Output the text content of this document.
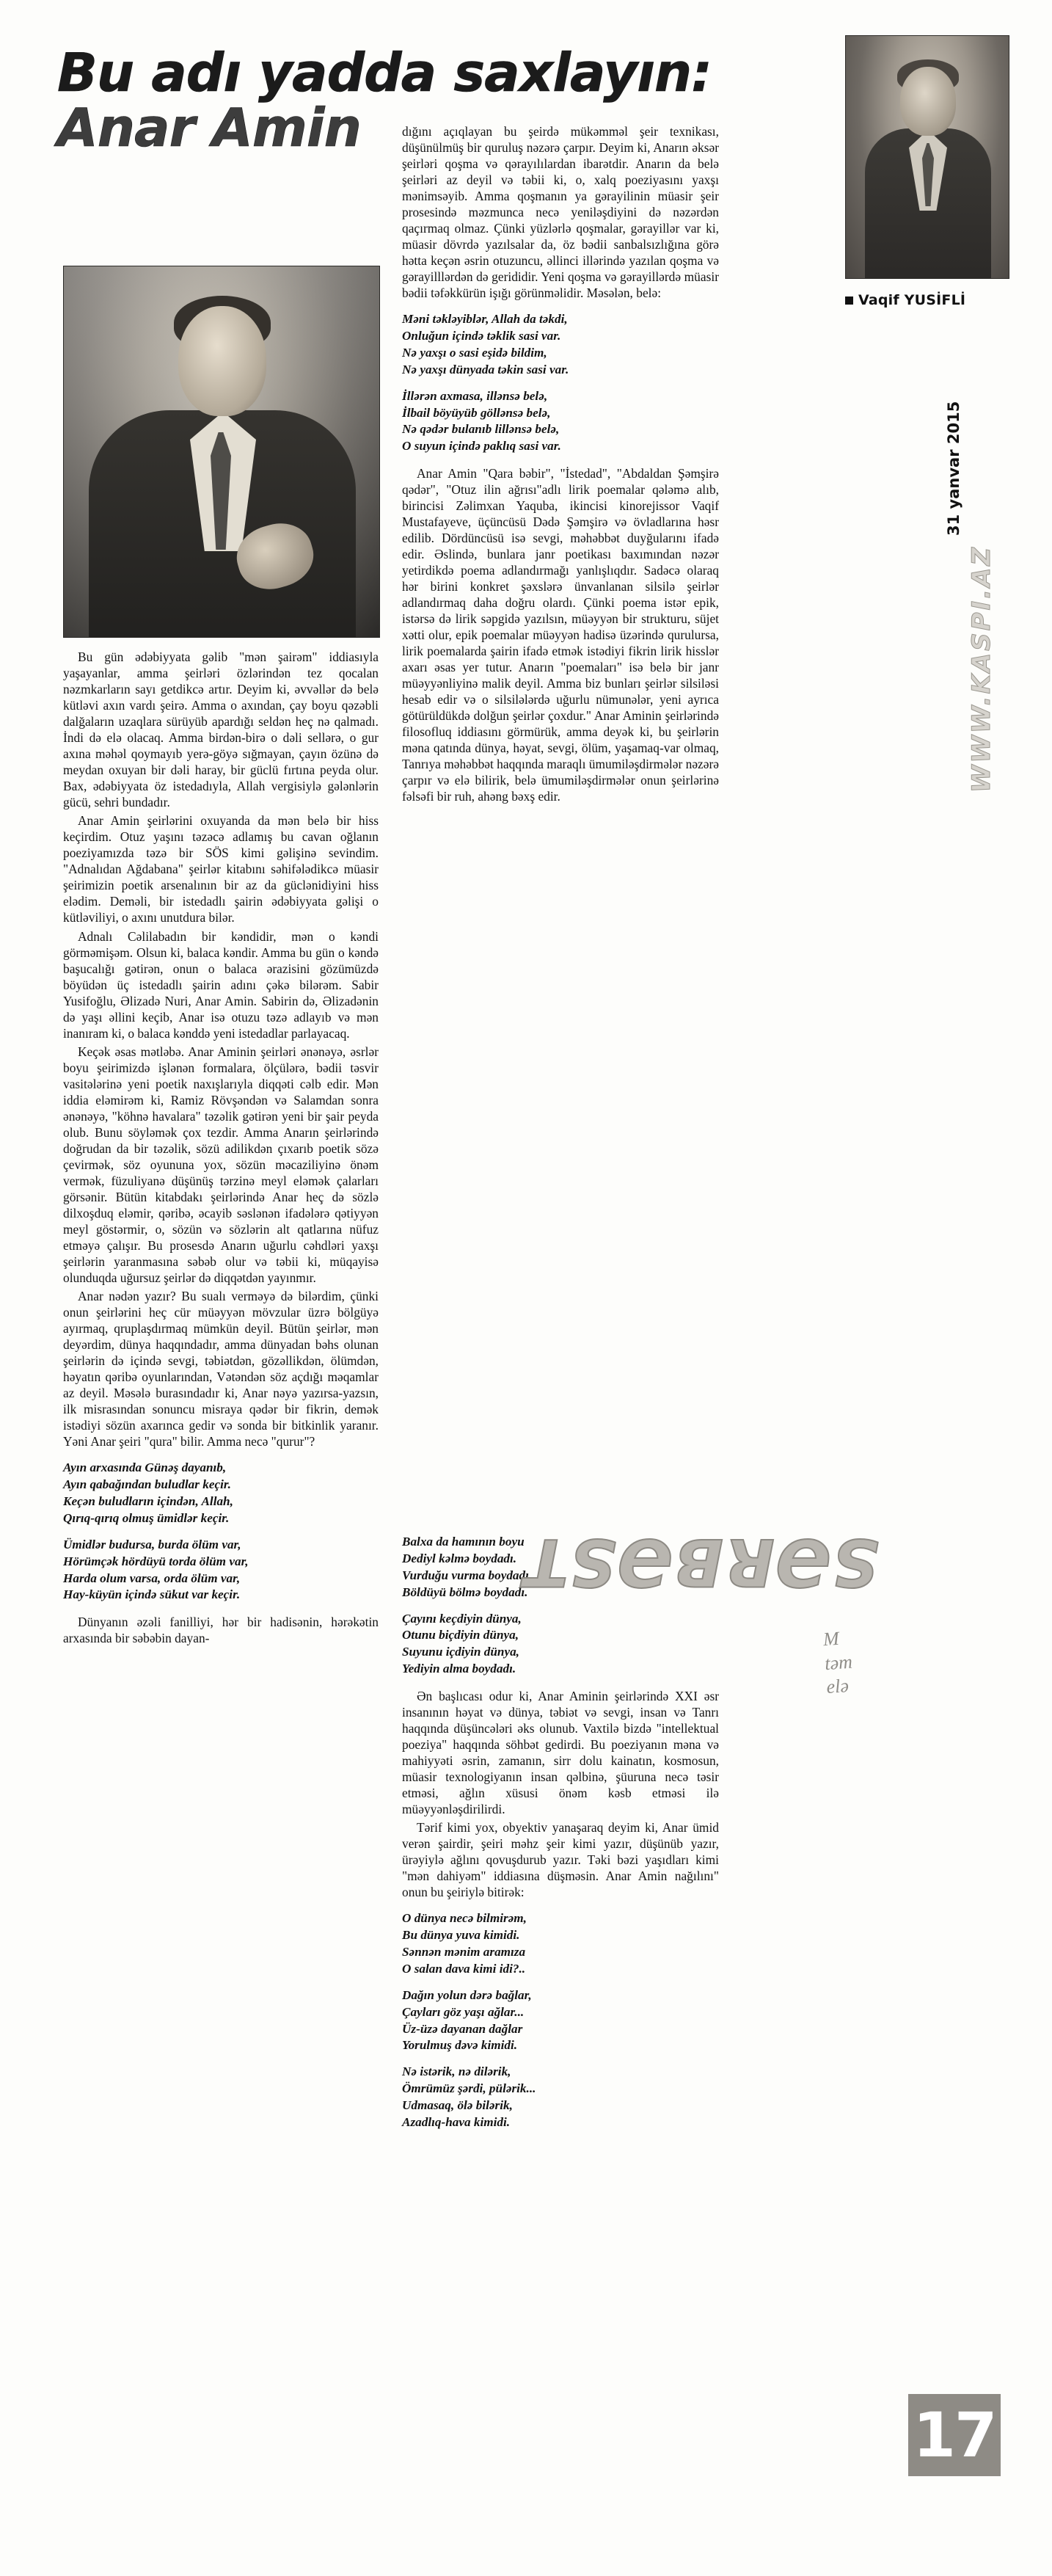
Bu adı yadda saxlayın:
Anar Amin
Vaqif YUSİFLİ

Bu gün ədəbiyyata gəlib "mən şairəm" iddiasıyla yaşayanlar, amma şeirləri özlərindən tez qocalan nəzmkarların sayı getdikcə artır. Deyim ki, əvvəllər də belə kütləvi axın vardı şeirə. Amma o axından, çay boyu qəzəbli dalğaların uzaqlara sürüyüb apardığı seldən heç nə qalmadı. İndi də elə olacaq. Amma birdən-birə o dəli sellərə, o gur axına məhəl qoymayıb yerə-göyə sığmayan, çayın özünə də meydan oxuyan bir dəli haray, bir güclü fırtına peyda olur. Bax, ədəbiyyata öz istedadıyla, Allah vergisiylə gələnlərin gücü, sehri bundadır.

Anar Amin şeirlərini oxuyanda da mən belə bir hiss keçirdim. Otuz yaşını təzəcə adlamış bu cavan oğlanın poeziyamızda təzə bir SÖS kimi gəlişinə sevindim. "Adnalıdan Ağdabana" şeirlər kitabını səhifələdikcə müasir şeirimizin poetik arsenalının bir az da güclənidiyini hiss elədim. Deməli, bir istedadlı şairin ədəbiyyata gəlişi o kütləviliyi, o axını unutdura bilər.

Adnalı Cəlilabadın bir kəndidir, mən o kəndi görməmişəm. Olsun ki, balaca kəndir. Amma bu gün o kəndə başucalığı gətirən, onun o balaca ərazisini gözümüzdə böyüdən üç istedadlı şairin adını çəkə bilərəm. Sabir Yusifoğlu, Əlizadə Nuri, Anar Amin. Sabirin də, Əlizadənin də yaşı əllini keçib, Anar isə otuzu təzə adlayıb və mən inanıram ki, o balaca kənddə yeni istedadlar parlayacaq.

Keçək əsas mətləbə. Anar Aminin şeirləri ənənəyə, əsrlər boyu şeirimizdə işlənən formalara, ölçülərə, bədii təsvir vasitələrinə yeni poetik naxışlarıyla diqqəti cəlb edir. Mən iddia eləmirəm ki, Ramiz Rövşəndən və Salamdan sonra ənənəyə, "köhnə havalara" təzəlik gətirən yeni bir şair peyda olub. Bunu söyləmək çox tezdir. Amma Anarın şeirlərində doğrudan da bir təzəlik, sözü adilikdən çıxarıb poetik sözə çevirmək, söz oyununa yox, sözün məcaziliyinə önəm vermək, füzuliyanə düşünüş tərzinə meyl eləmək çalarları görsənir. Bütün kitabdakı şeirlərində Anar heç də sözlə dilxoşduq eləmir, qəribə, əcayib səslənən ifadələrə qətiyyən meyl göstərmir, o, sözün və sözlərin alt qatlarına nüfuz etməyə çalışır. Bu prosesdə Anarın uğurlu cəhdləri yaxşı şeirlərin yaranmasına səbəb olur və təbii ki, müqayisə olunduqda uğursuz şeirlər də diqqətdən yayınmır.

Anar nədən yazır? Bu sualı verməyə də bilərdim, çünki onun şeirlərini heç cür müəyyən mövzular üzrə bölgüyə ayırmaq, qruplaşdırmaq mümkün deyil. Bütün şeirlər, mən deyərdim, dünya haqqındadır, amma dünyadan bəhs olunan şeirlərin də içində sevgi, təbiətdən, gözəllikdən, ölümdən, həyatın qəribə oyunlarından, Vətəndən söz açdığı məqamlar az deyil. Məsələ burasındadır ki, Anar nəyə yazırsa-yazsın, ilk misrasından sonuncu misraya qədər bir fikrin, demək istədiyi sözün axarınca gedir və sonda bir bitkinlik yaranır. Yəni Anar şeiri "qura" bilir. Amma necə "qurur"?

Ayın arxasında Günəş dayanıb,
Ayın qabağından buludlar keçir.
Keçən buludların içindən, Allah,
Qırıq-qırıq olmuş ümidlər keçir.
Ümidlər budursa, burda ölüm var,
Hörümçək hördüyü torda ölüm var,
Harda olum varsa, orda ölüm var,
Hay-küyün içində sükut var keçir.

Dünyanın əzəli fanilliyi, hər bir hadisənin, hərəkətin arxasında bir səbəbin dayan-

dığını açıqlayan bu şeirdə mükəmməl şeir texnikası, düşünülmüş bir quruluş nəzərə çarpır. Deyim ki, Anarın əksər şeirləri qoşma və qərayılılardan ibarətdir. Anarın da belə şeirləri az deyil və təbii ki, o, xalq poeziyasını yaxşı mənimsəyib. Amma qoşmanın ya gərayilinin müasir şeir prosesində məzmunca necə yeniləşdiyini də nəzərdən qaçırmaq olmaz. Çünki yüzlərlə qoşmalar, gərayillər var ki, müasir dövrdə yazılsalar da, öz bədii sanbalsızlığına görə hətta keçən əsrin otuzuncu, əllinci illərində yazılan qoşma və gərayilllərdən də gerididir. Yeni qoşma və gərayillərdə müasir bədii təfəkkürün işığı görünməlidir. Məsələn, belə:

Məni təkləyiblər, Allah da təkdi,
Onluğun içində təklik sasi var.
Nə yaxşı o sasi eşidə bildim,
Nə yaxşı dünyada təkin sasi var.
İllərən axmasa, illənsə belə,
İlbail böyüyüb göllənsə belə,
Nə qədər bulanıb lillənsə belə,
O suyun içində paklıq sasi var.

Anar Amin "Qara bəbir", "İstedad", "Abdaldan Şəmşirə qədər", "Otuz ilin ağrısı"adlı lirik poemalar qələmə alıb, birincisi Zəlimxan Yaquba, ikincisi kinorejissor Vaqif Mustafayeve, üçüncüsü Dədə Şəmşirə və övladlarına həsr edilib. Dördüncüsü isə sevgi, məhəbbət duyğularını ifadə edir. Əslində, bunlara janr poetikası baxımından nəzər yetirdikdə poema adlandırmağı yanlışlıqdır. Sadəcə olaraq hər birini konkret şəxslərə ünvanlanan silsilə şeirlər adlandırmaq daha doğru olardı. Çünki poema istər epik, istərsə də lirik səpgidə yazılsın, müəyyən bir strukturu, süjet xətti olur, epik poemalar müəyyən hadisə üzərində qurulursa, lirik poemalarda şairin ifadə etmək istədiyi fikrin lirik hisslər axarı əsas yer tutur. Anarın "poemaları" isə belə bir janr müəyyənliyinə malik deyil. Amma biz bunları şeirlər silsiləsi hesab edir və o silsilələrdə uğurlu nümunələr, yeni ayrıca götürüldükdə dolğun şeirlər çoxdur." Anar Aminin şeirlərində filosofluq iddiasını görmürük, amma deyək ki, bu şeirlərin məna qatında dünya, həyat, sevgi, ölüm, yaşamaq-var olmaq, Tanrıya məhəbbət haqqında maraqlı ümumiləşdirmələr nəzərə çarpır və elə bilirik, belə ümumiləşdirmələr onun şeirlərinə fəlsəfi bir ruh, ahəng bəxş edir.

Balxa da hamının boyu
Dediyl kəlmə boydadı.
Vurduğu vurma boydadı,
Böldüyü bölmə boydadı.
Çayını keçdiyin dünya,
Otunu biçdiyin dünya,
Suyunu içdiyin dünya,
Yediyin alma boydadı.

Ən başlıcası odur ki, Anar Aminin şeirlərində XXI əsr insanının həyat və dünya, təbiət və sevgi, insan və Tanrı haqqında düşüncələri əks olunub. Vaxtilə bizdə "intellektual poeziya" haqqında söhbət gedirdi. Bu poeziyanın məna və mahiyyəti əsrin, zamanın, sirr dolu kainatın, kosmosun, müasir texnologiyanın insan qəlbinə, şüuruna necə təsir etməsi, ağlın xüsusi önəm kəsb etməsi ilə müəyyənləşdirilirdi.

Tərif kimi yox, obyektiv yanaşaraq deyim ki, Anar ümid verən şairdir, şeiri məhz şeir kimi yazır, düşünüb yazır, ürəyiylə ağlını qovuşdurub yazır. Təki bəzi yaşıdları kimi "mən dahiyəm" iddiasına düşməsin. Anar Amin nağılını" onun bu şeiriylə bitirək:

O dünya necə bilmirəm,
Bu dünya yuva kimidi.
Sənnən mənim aramıza
O salan dava kimi idi?..
Dağın yolun dərə bağlar,
Çayları göz yaşı ağlar...
Üz-üzə dayanan dağlar
Yorulmuş dəvə kimidi.
Nə istərik, nə dilərik,
Ömrümüz şərdi, pülərik...
Udmasaq, ölə bilərik,
Azadlıq-hava kimidi.
31 yanvar 2015
WWW.KASPI.AZ
SƏRBƏST
17
M
təm
elə
